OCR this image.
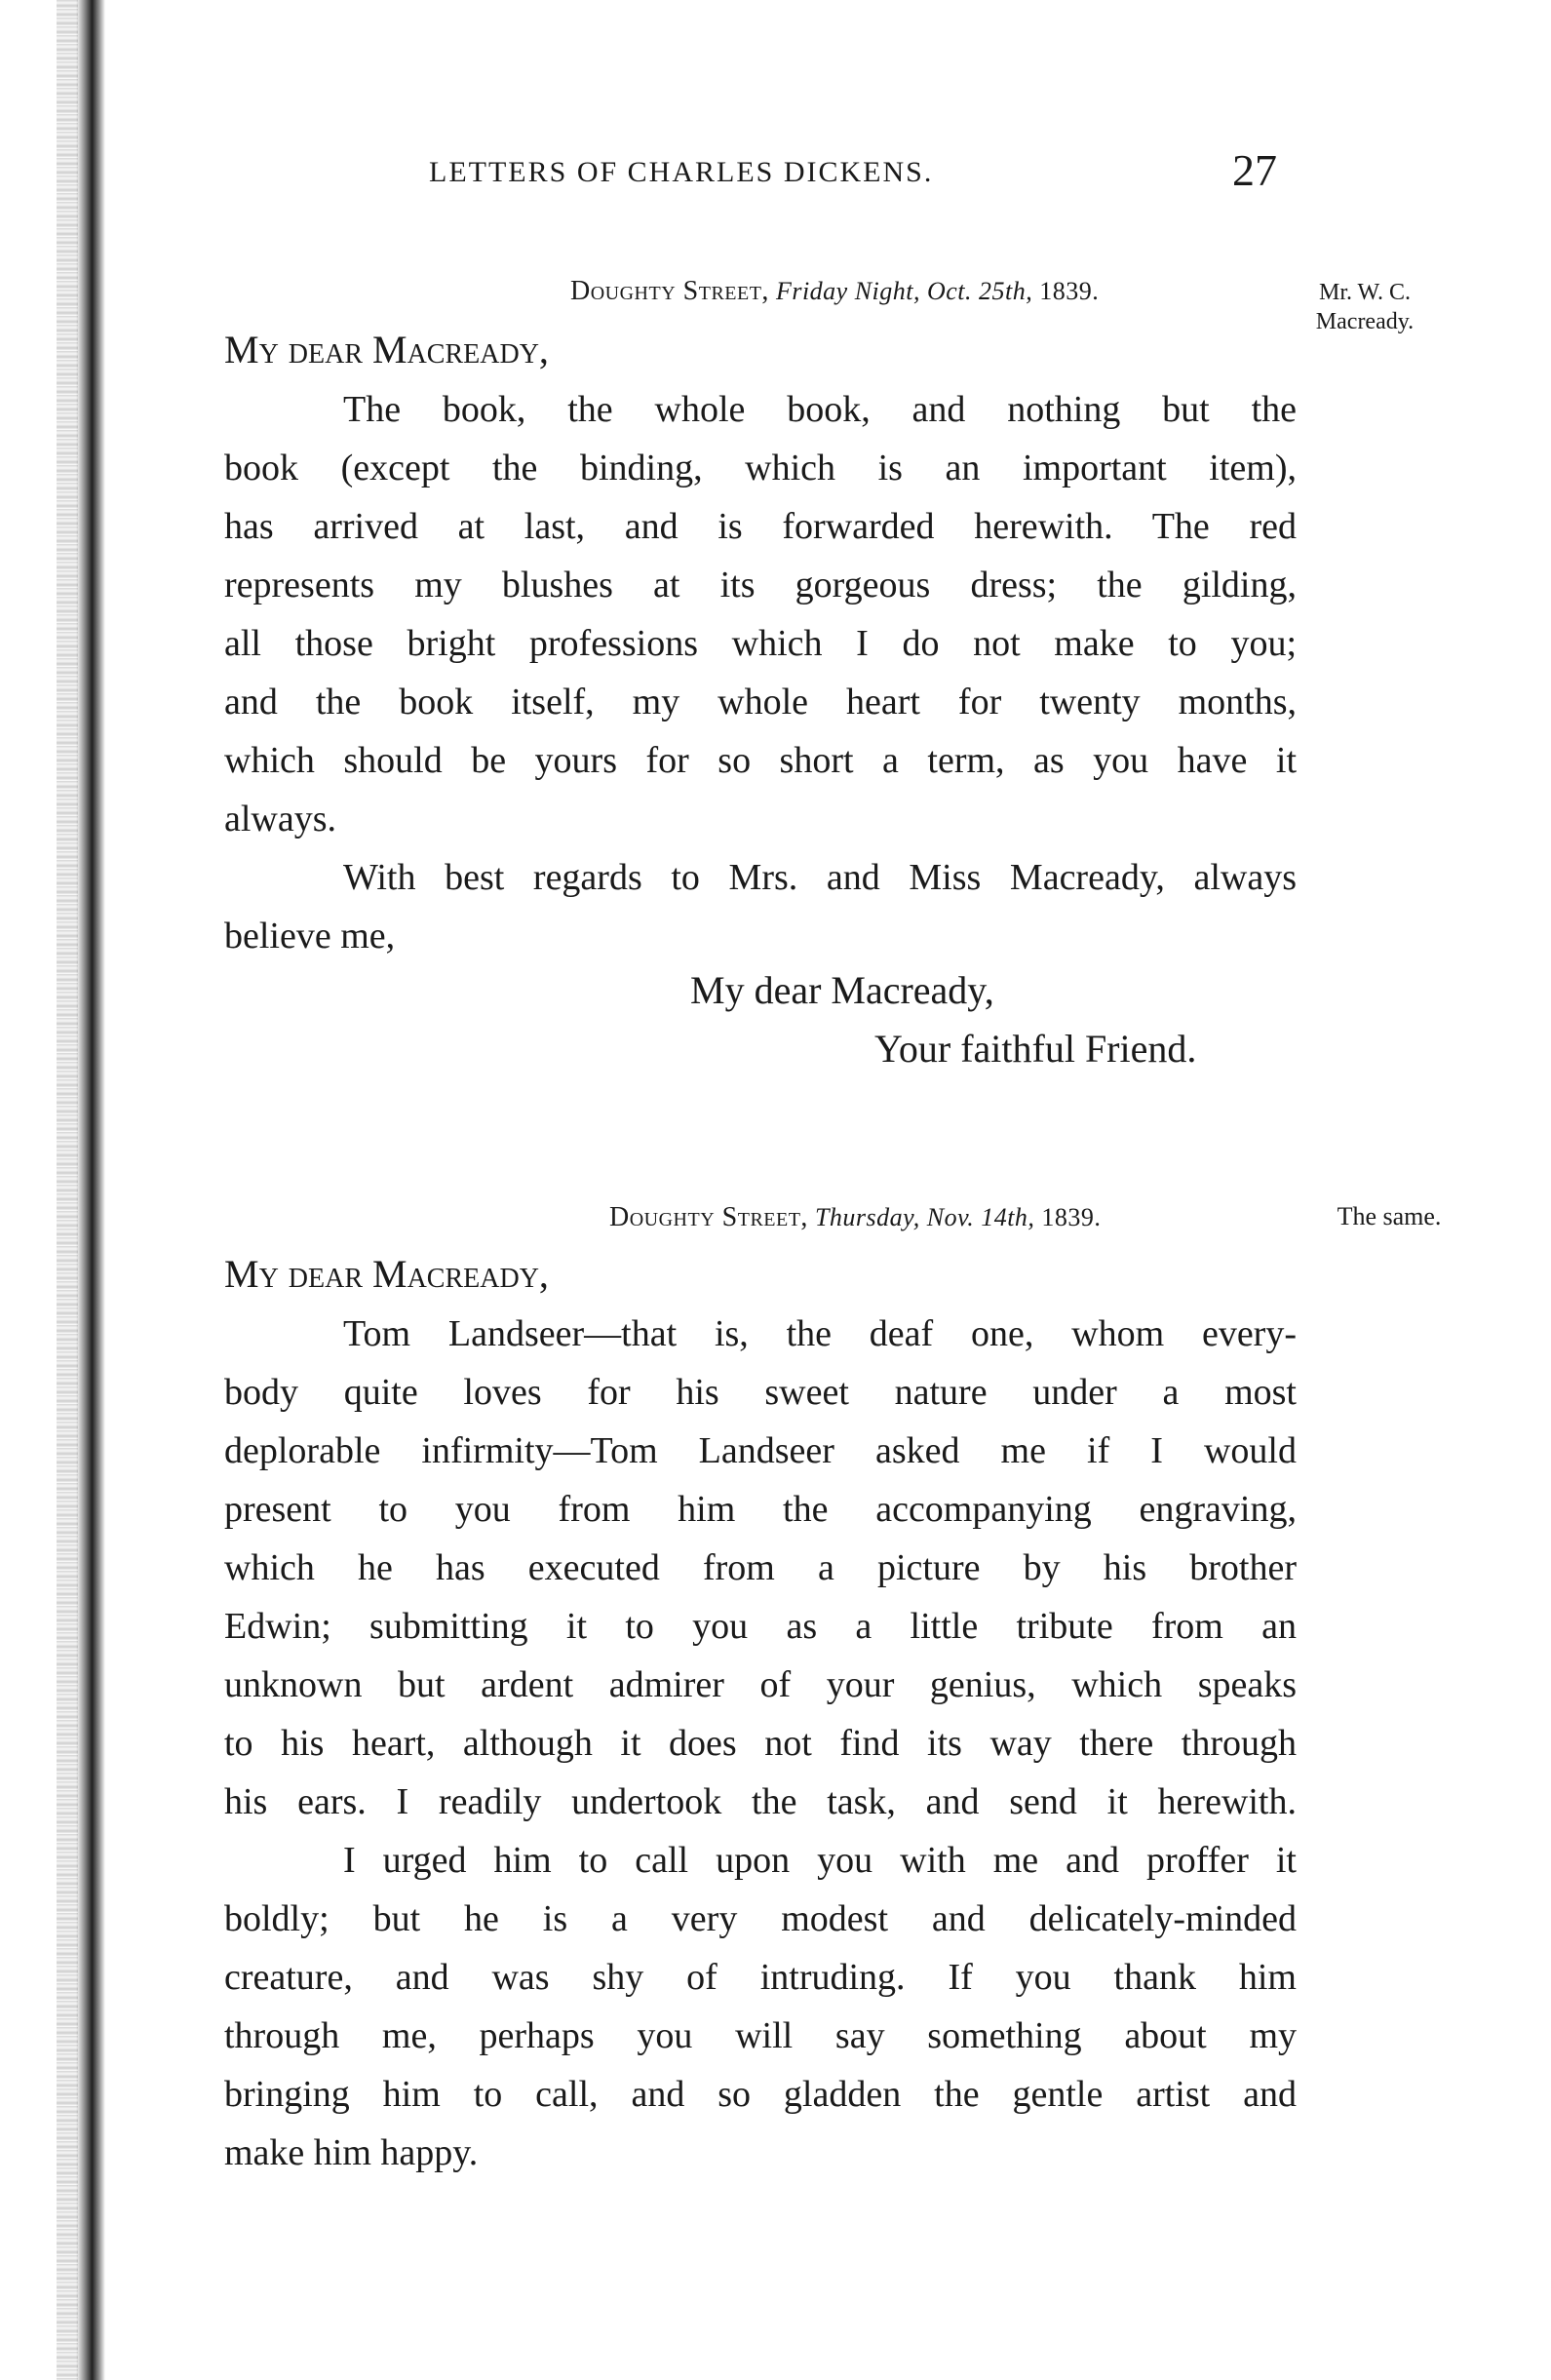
LETTERS OF CHARLES DICKENS.	27
Doughty Street, Friday Night, Oct. 25th, 1839.	Mr. W. C.
Macready.
My dear Macready,
The book, the whole book, and nothing but the
book (except the binding, which is an important item),
has arrived at last, and is forwarded herewith. The red
represents my blushes at its gorgeous dress; the gilding,
all those bright professions which I do not make to you;
and the book itself, my whole heart for twenty months,
which should be yours for so short a term, as you have it
always.
With best regards to Mrs. and Miss Macready, always
believe me,
My dear Macready,
Your faithful Friend.
Doughty Street, Thursday, Nov. 14th, 1839.	The same.
My dear Macready,
Tom Landseer—that is, the deaf one, whom every-
body quite loves for his sweet nature under a most
deplorable infirmity—Tom Landseer asked me if I would
present to you from him the accompanying engraving,
which he has executed from a picture by his brother
Edwin; submitting it to you as a little tribute from an
unknown but ardent admirer of your genius, which speaks
to his heart, although it does not find its way there through
his ears. I readily undertook the task, and send it herewith.
I urged him to call upon you with me and proffer it
boldly; but he is a very modest and delicately-minded
creature, and was shy of intruding. If you thank him
through me, perhaps you will say something about my
bringing him to call, and so gladden the gentle artist and
make him happy.
